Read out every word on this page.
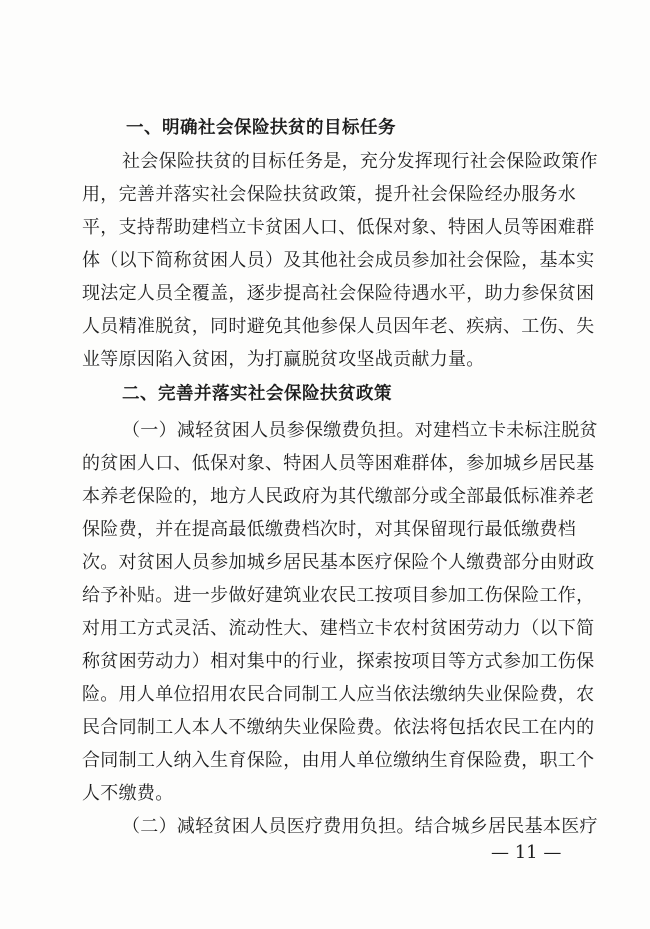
一、明确社会保险扶贫的目标任务
社会保险扶贫的目标任务是，充分发挥现行社会保险政策作
用，完善并落实社会保险扶贫政策，提升社会保险经办服务水
平，支持帮助建档立卡贫困人口、低保对象、特困人员等困难群
体（以下简称贫困人员）及其他社会成员参加社会保险，基本实
现法定人员全覆盖，逐步提高社会保险待遇水平，助力参保贫困
人员精准脱贫，同时避免其他参保人员因年老、疾病、工伤、失
业等原因陷入贫困，为打赢脱贫攻坚战贡献力量。
二、完善并落实社会保险扶贫政策
（一）减轻贫困人员参保缴费负担。对建档立卡未标注脱贫
的贫困人口、低保对象、特困人员等困难群体，参加城乡居民基
本养老保险的，地方人民政府为其代缴部分或全部最低标准养老
保险费，并在提高最低缴费档次时，对其保留现行最低缴费档
次。对贫困人员参加城乡居民基本医疗保险个人缴费部分由财政
给予补贴。进一步做好建筑业农民工按项目参加工伤保险工作，
对用工方式灵活、流动性大、建档立卡农村贫困劳动力（以下简
称贫困劳动力）相对集中的行业，探索按项目等方式参加工伤保
险。用人单位招用农民合同制工人应当依法缴纳失业保险费，农
民合同制工人本人不缴纳失业保险费。依法将包括农民工在内的
合同制工人纳入生育保险，由用人单位缴纳生育保险费，职工个
人不缴费。
（二）减轻贫困人员医疗费用负担。结合城乡居民基本医疗
— 11 —
